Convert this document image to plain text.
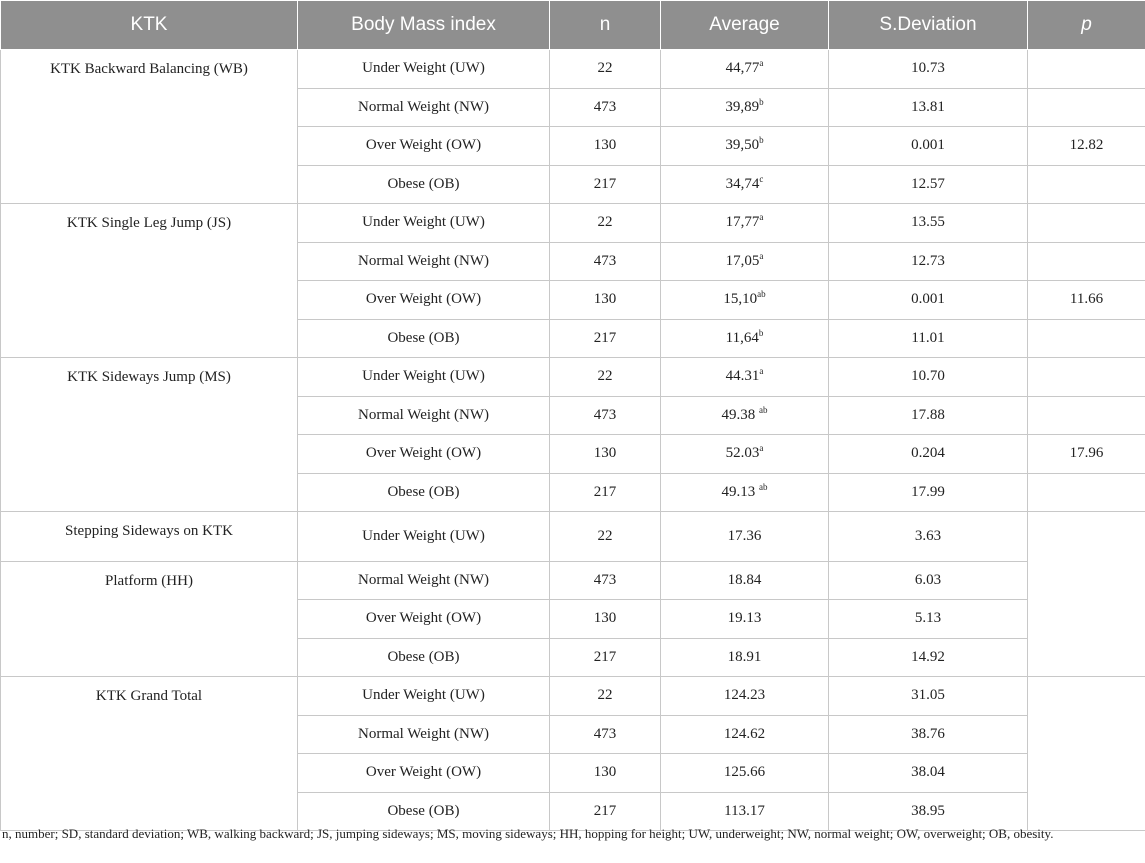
KTK	Body Mass index	n	Average	S.Deviation	p
KTK Backward Balancing (WB)	Under Weight (UW)	22	44,77$^a$	10.73	
	Normal Weight (NW)	473	39,89$^b$	13.81	
	Over Weight (OW)	130	39,50$^b$	0.001	12.82
	Obese (OB)	217	34,74$^c$	12.57	
KTK Single Leg Jump (JS)	Under Weight (UW)	22	17,77$^a$	13.55	
	Normal Weight (NW)	473	17,05$^a$	12.73	
	Over Weight (OW)	130	15,10$^{ab}$	0.001	11.66
	Obese (OB)	217	11,64$^b$	11.01	
KTK Sideways Jump (MS)	Under Weight (UW)	22	44.31$^a$	10.70	
	Normal Weight (NW)	473	49.38 $^{ab}$	17.88	
	Over Weight (OW)	130	52.03$^a$	0.204	17.96
	Obese (OB)	217	49.13 $^{ab}$	17.99	
Stepping Sideways on KTK	Under Weight (UW)	22	17.36	3.63	
Platform (HH)	Normal Weight (NW)	473	18.84	6.03	
	Over Weight (OW)	130	19.13	5.13	
	Obese (OB)	217	18.91	14.92	
KTK Grand Total	Under Weight (UW)	22	124.23	31.05	
	Normal Weight (NW)	473	124.62	38.76	
	Over Weight (OW)	130	125.66	38.04	
	Obese (OB)	217	113.17	38.95	
n, number; SD, standard deviation; WB, walking backward; JS, jumping sideways; MS, moving sideways; HH, hopping for height; UW, underweight; NW, normal weight; OW, overweight; OB, obesity.
